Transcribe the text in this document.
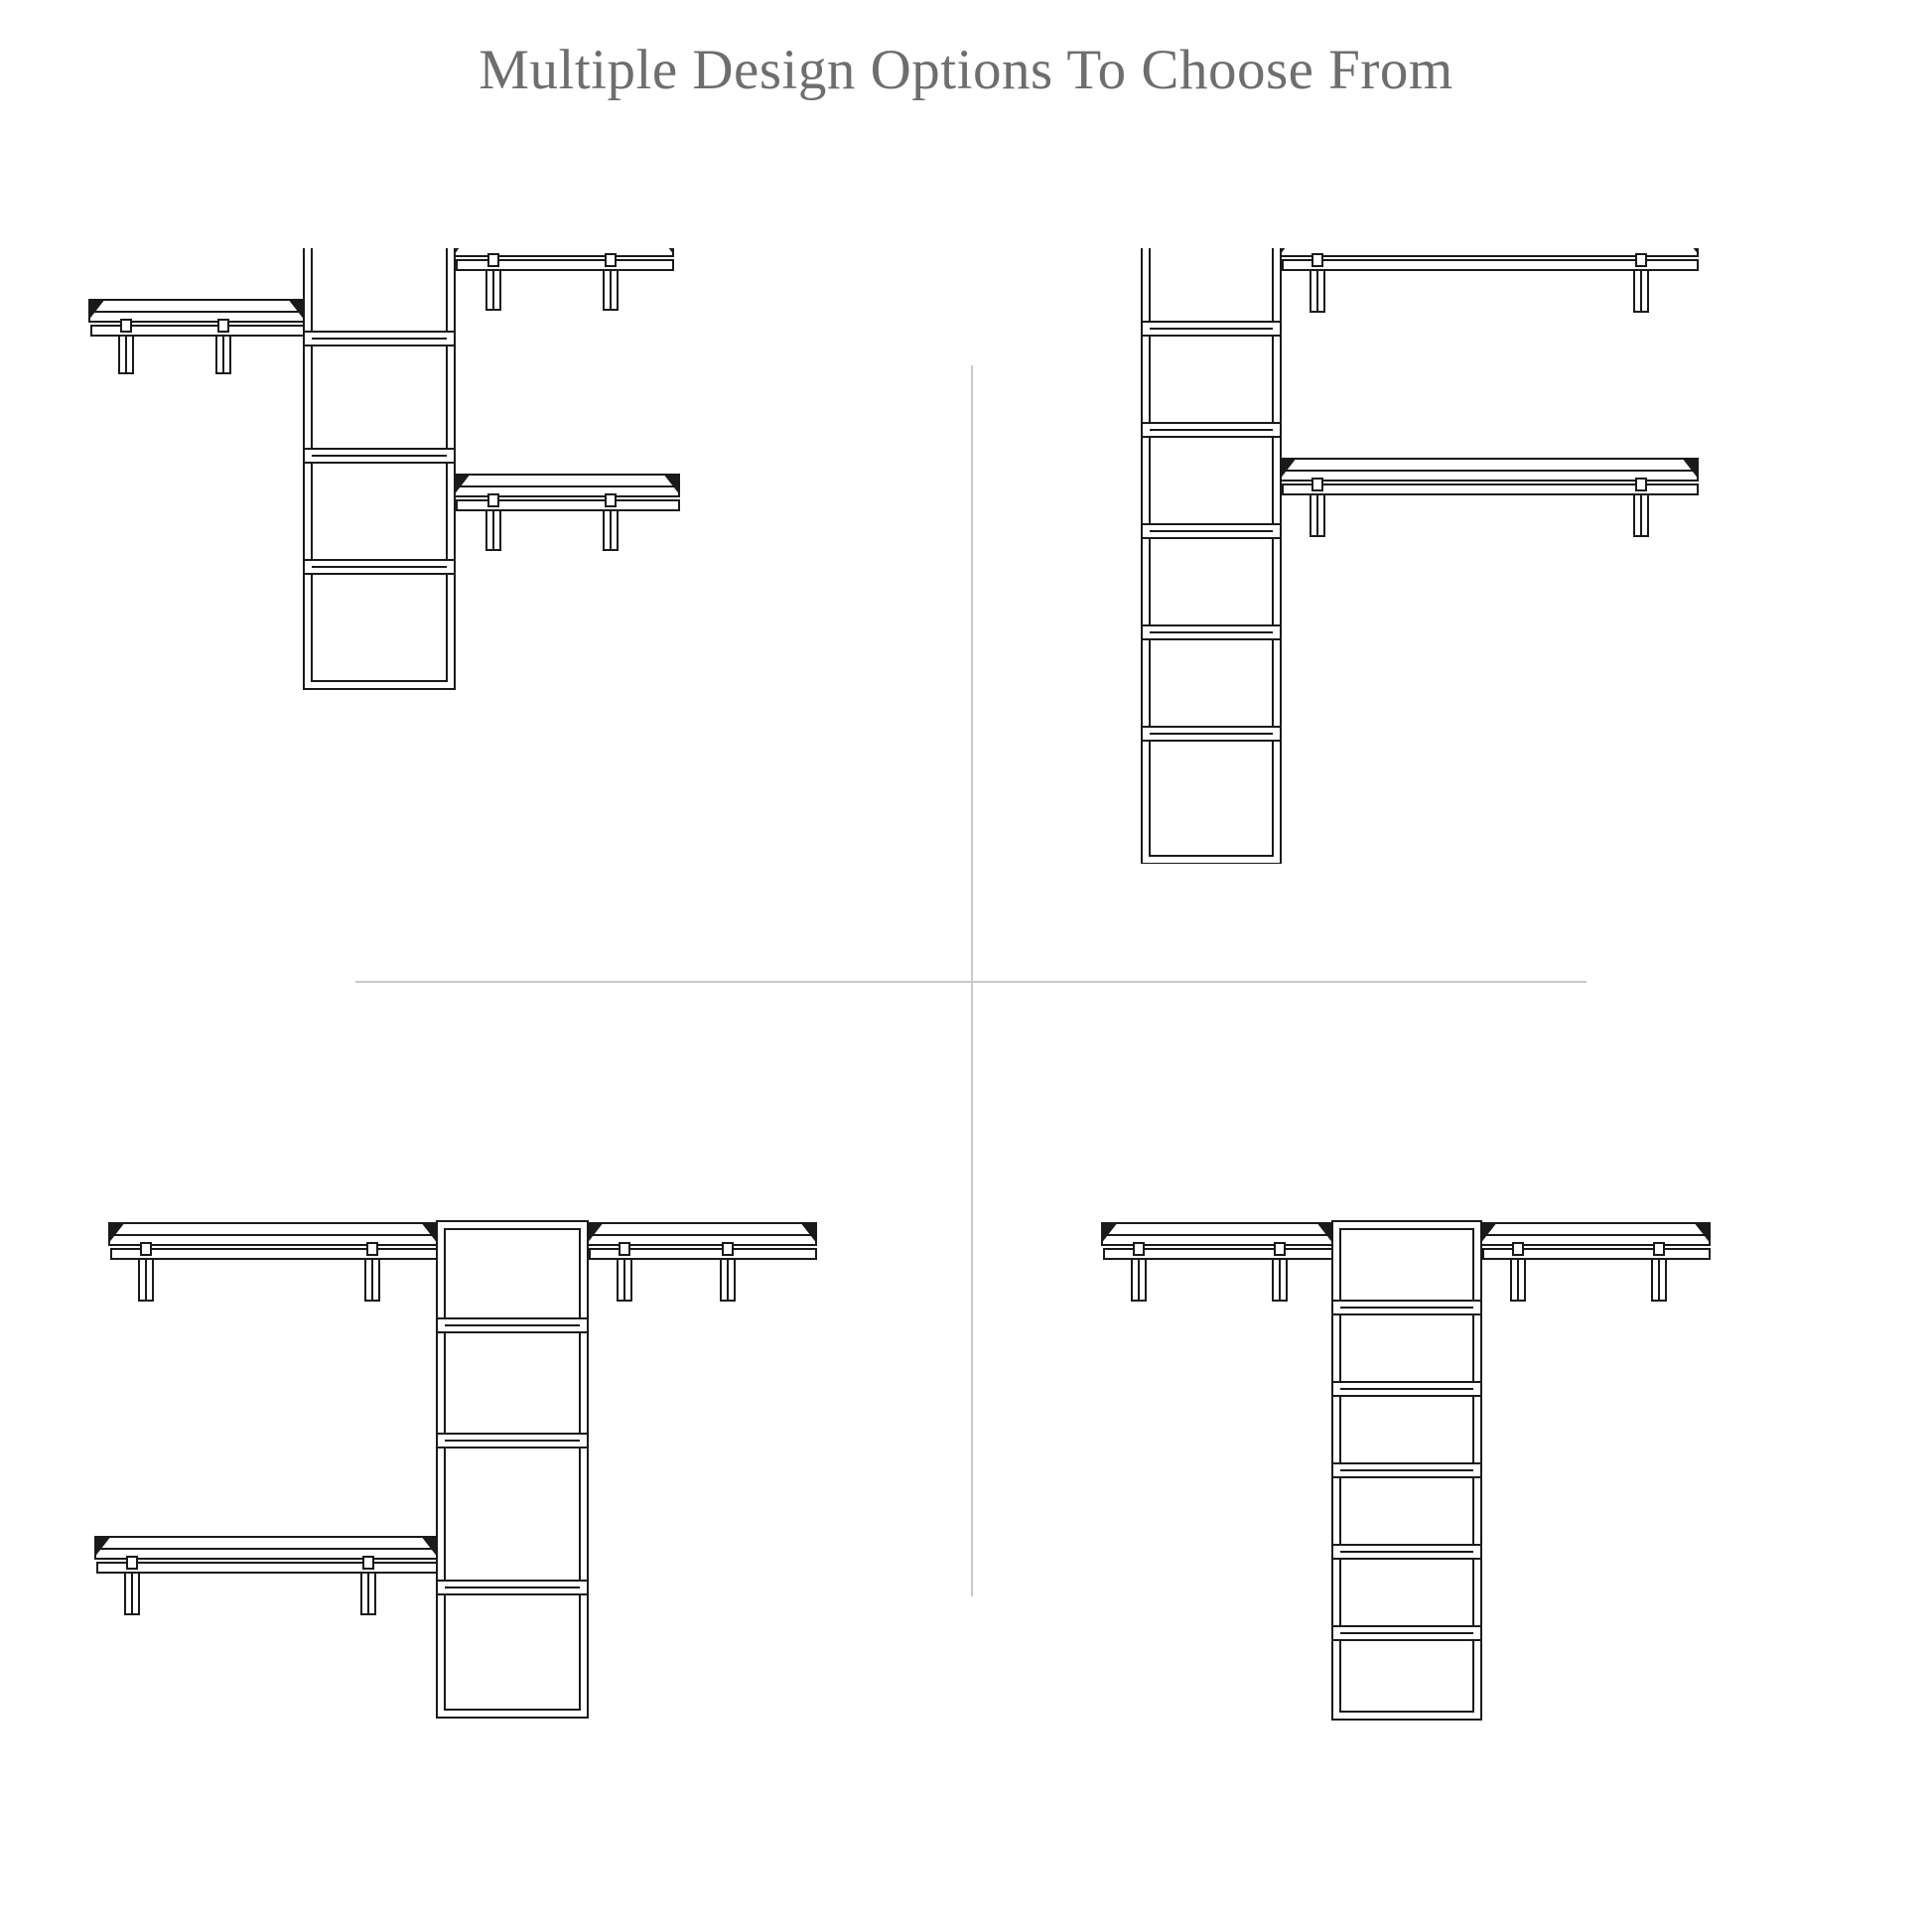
Multiple Design Options To Choose From
